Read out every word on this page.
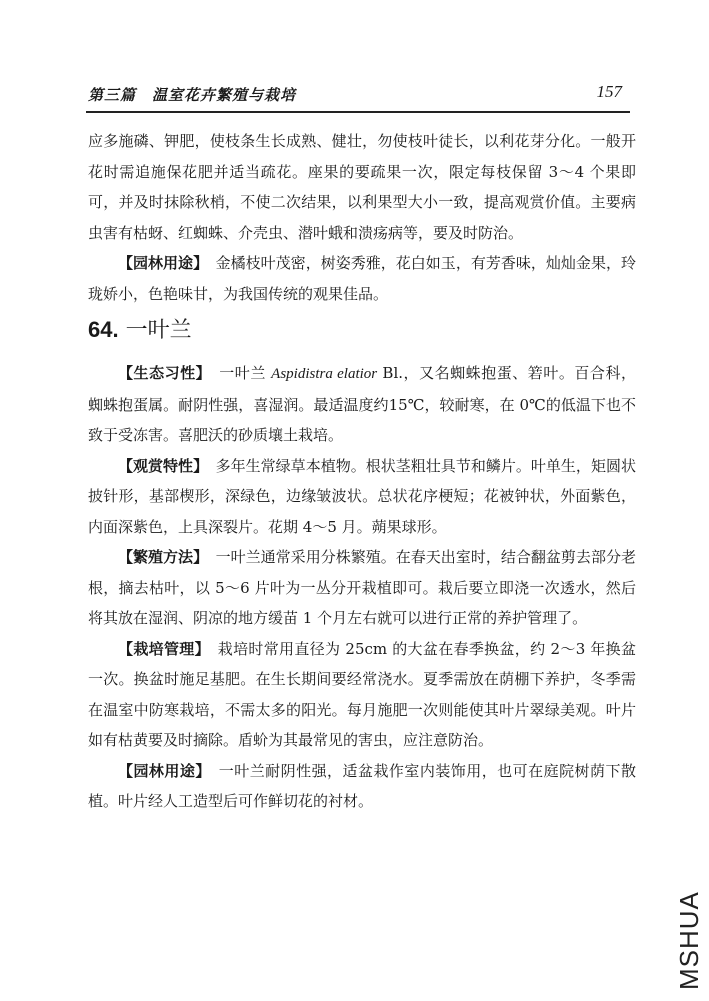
第三篇　温室花卉繁殖与栽培	157

应多施磷、钾肥，使枝条生长成熟、健壮，勿使枝叶徒长，以利花芽分化。一般开花时需追施保花肥并适当疏花。座果的要疏果一次，限定每枝保留 3～4 个果即可，并及时抹除秋梢，不使二次结果，以利果型大小一致，提高观赏价值。主要病虫害有枯蚜、红蜘蛛、介壳虫、潜叶蛾和溃疡病等，要及时防治。

【园林用途】　 金橘枝叶茂密，树姿秀雅，花白如玉，有芳香味，灿灿金果，玲珑娇小，色艳味甘，为我国传统的观果佳品。

64. 一叶兰

【生态习性】　 一叶兰 Aspidistra elatior Bl.，又名蜘蛛抱蛋、箬叶。百合科，蜘蛛抱蛋属。耐阴性强，喜湿润。最适温度约15℃，较耐寒，在 0℃的低温下也不致于受冻害。喜肥沃的砂质壤土栽培。

【观赏特性】　 多年生常绿草本植物。根状茎粗壮具节和鳞片。叶单生，矩圆状披针形，基部楔形，深绿色，边缘皱波状。总状花序梗短；花被钟状，外面紫色，内面深紫色，上具深裂片。花期 4～5 月。蒴果球形。

【繁殖方法】　 一叶兰通常采用分株繁殖。在春天出室时，结合翻盆剪去部分老根，摘去枯叶，以 5～6 片叶为一丛分开栽植即可。栽后要立即浇一次透水，然后将其放在湿润、阴凉的地方缓苗 1 个月左右就可以进行正常的养护管理了。

【栽培管理】　 栽培时常用直径为 25cm 的大盆在春季换盆，约 2～3 年换盆一次。换盆时施足基肥。在生长期间要经常浇水。夏季需放在荫棚下养护，冬季需在温室中防寒栽培，不需太多的阳光。每月施肥一次则能使其叶片翠绿美观。叶片如有枯黄要及时摘除。盾蚧为其最常见的害虫，应注意防治。

【园林用途】　 一叶兰耐阴性强，适盆栽作室内装饰用，也可在庭院树荫下散植。叶片经人工造型后可作鲜切花的衬材。

MSHUA
